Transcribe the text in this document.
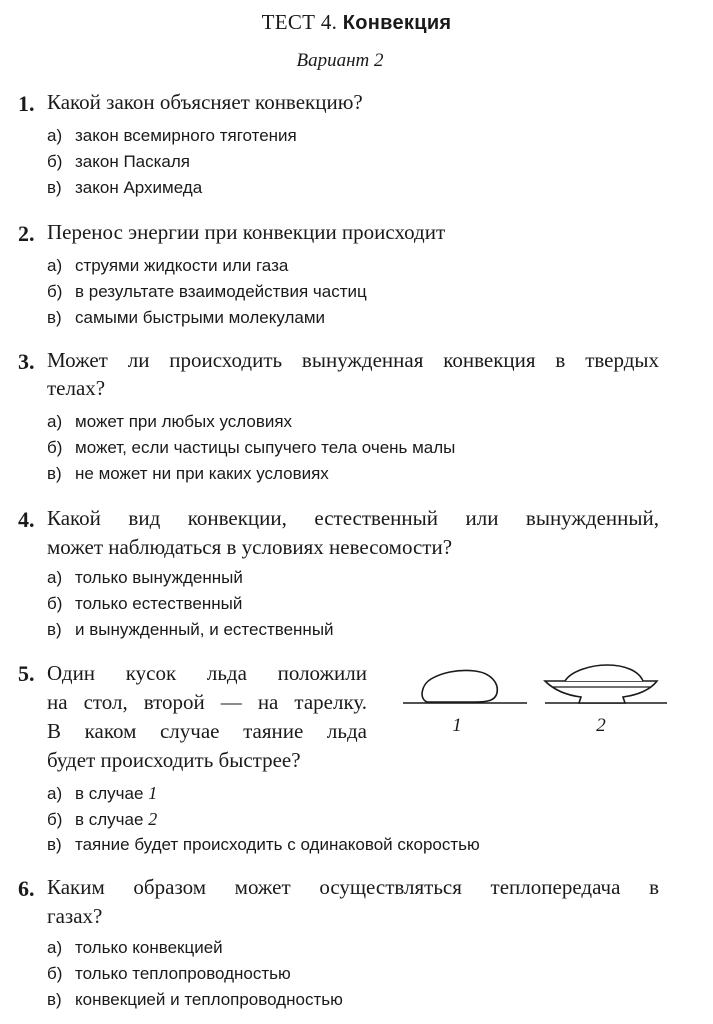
ТЕСТ 4. Конвекция
Вариант 2
1. Какой закон объясняет конвекцию?
а) закон всемирного тяготения
б) закон Паскаля
в) закон Архимеда
2. Перенос энергии при конвекции происходит
а) струями жидкости или газа
б) в результате взаимодействия частиц
в) самыми быстрыми молекулами
3. Может ли происходить вынужденная конвекция в твердых
телах?
а) может при любых условиях
б) может, если частицы сыпучего тела очень малы
в) не может ни при каких условиях
4. Какой вид конвекции, естественный или вынужденный,
может наблюдаться в условиях невесомости?
а) только вынужденный
б) только естественный
в) и вынужденный, и естественный
5. Один кусок льда положили
на стол, второй — на тарелку.
В каком случае таяние льда
будет происходить быстрее?
1	2
а) в случае 1
б) в случае 2
в) таяние будет происходить с одинаковой скоростью
6. Каким образом может осуществляться теплопередача в
газах?
а) только конвекцией
б) только теплопроводностью
в) конвекцией и теплопроводностью
